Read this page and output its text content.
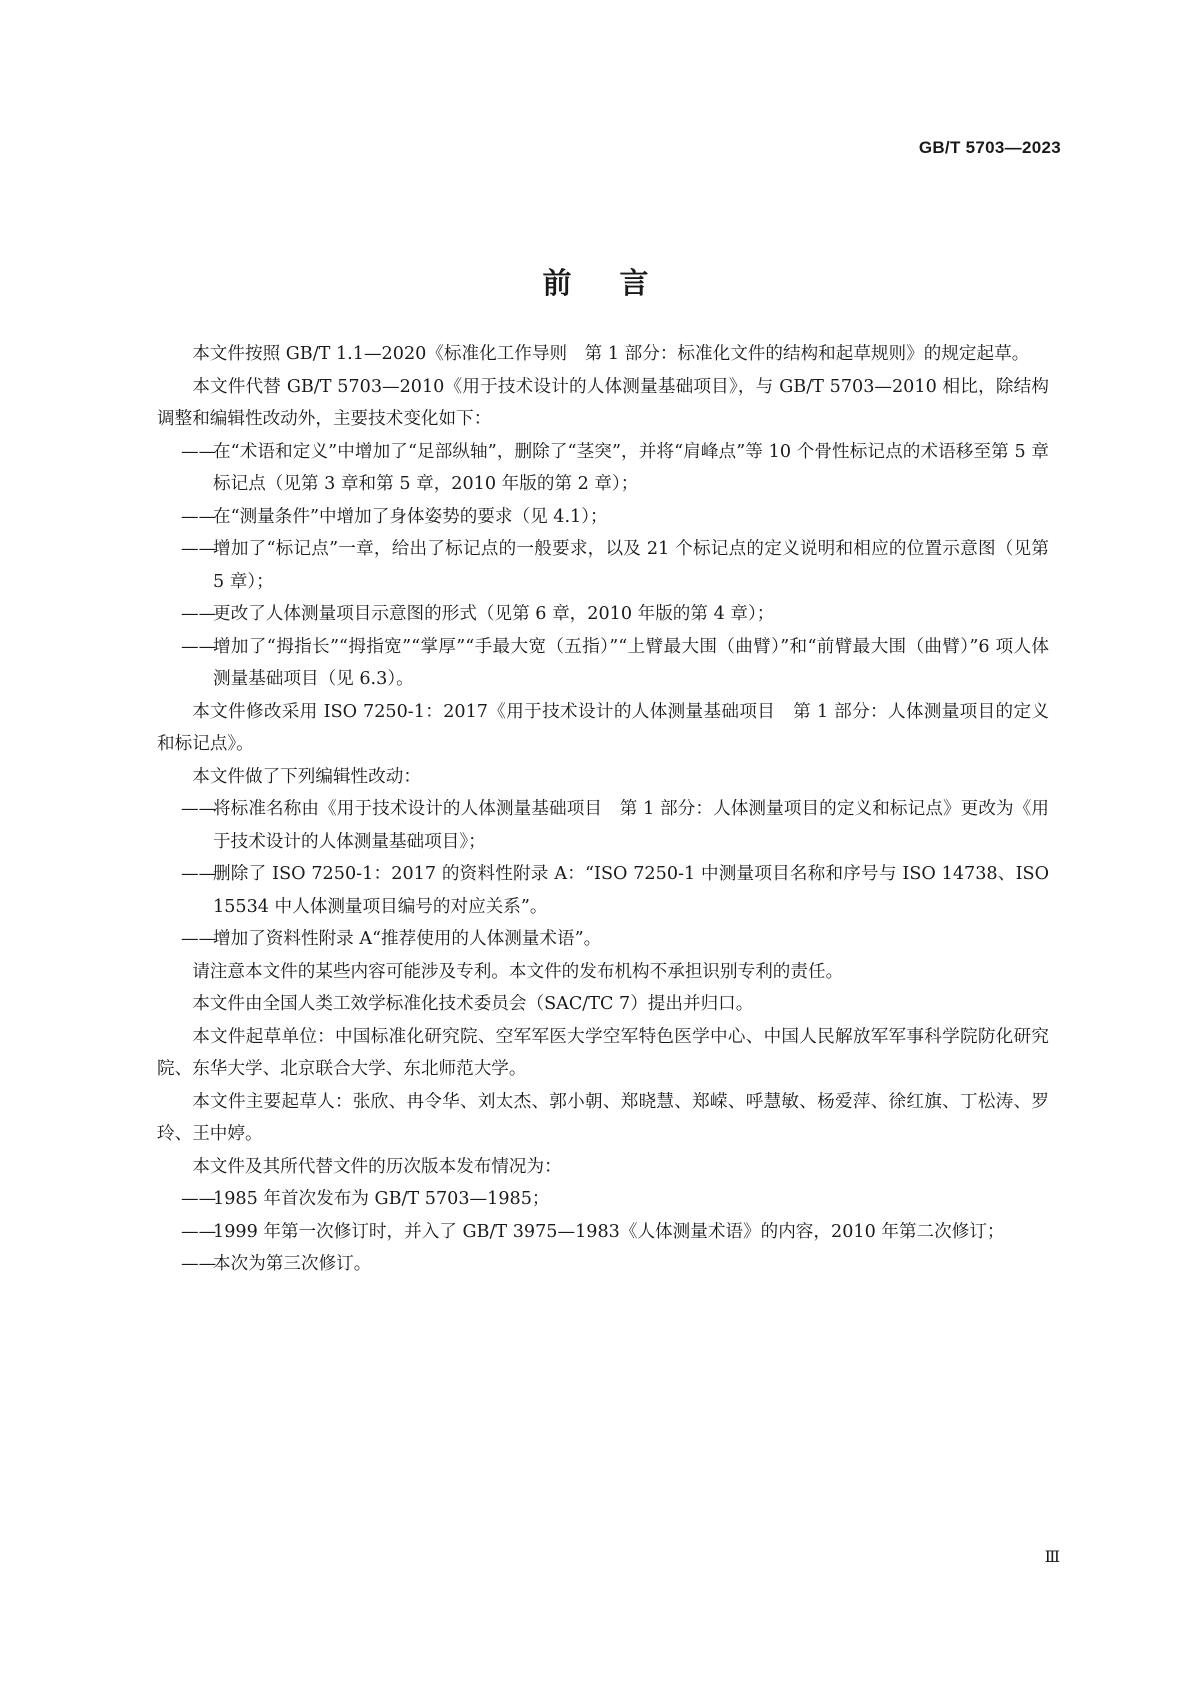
GB/T 5703—2023
前言

本文件按照 GB/T 1.1—2020《标准化工作导则　第 1 部分：标准化文件的结构和起草规则》的规定起草。

本文件代替 GB/T 5703—2010《用于技术设计的人体测量基础项目》，与 GB/T 5703—2010 相比，除结构调整和编辑性改动外，主要技术变化如下：

——
在“术语和定义”中增加了“足部纵轴”，删除了“茎突”，并将“肩峰点”等 10 个骨性标记点的术语移至第 5 章标记点（见第 3 章和第 5 章，2010 年版的第 2 章）；

——
在“测量条件”中增加了身体姿势的要求（见 4.1）；

——
增加了“标记点”一章，给出了标记点的一般要求，以及 21 个标记点的定义说明和相应的位置示意图（见第 5 章）；

——
更改了人体测量项目示意图的形式（见第 6 章，2010 年版的第 4 章）；

——
增加了“拇指长”“拇指宽”“掌厚”“手最大宽（五指）”“上臂最大围（曲臂）”和“前臂最大围（曲臂）”6 项人体测量基础项目（见 6.3）。

本文件修改采用 ISO 7250-1：2017《用于技术设计的人体测量基础项目　第 1 部分：人体测量项目的定义和标记点》。

本文件做了下列编辑性改动：

——
将标准名称由《用于技术设计的人体测量基础项目　第 1 部分：人体测量项目的定义和标记点》更改为《用于技术设计的人体测量基础项目》；

——
删除了 ISO 7250-1：2017 的资料性附录 A：“ISO 7250-1 中测量项目名称和序号与 ISO 14738、ISO 15534 中人体测量项目编号的对应关系”。

——
增加了资料性附录 A“推荐使用的人体测量术语”。

请注意本文件的某些内容可能涉及专利。本文件的发布机构不承担识别专利的责任。

本文件由全国人类工效学标准化技术委员会（SAC/TC 7）提出并归口。

本文件起草单位：中国标准化研究院、空军军医大学空军特色医学中心、中国人民解放军军事科学院防化研究院、东华大学、北京联合大学、东北师范大学。

本文件主要起草人：张欣、冉令华、刘太杰、郭小朝、郑晓慧、郑嵘、呼慧敏、杨爱萍、徐红旗、丁松涛、罗玲、王中婷。

本文件及其所代替文件的历次版本发布情况为：

——
1985 年首次发布为 GB/T 5703—1985；

——
1999 年第一次修订时，并入了 GB/T 3975—1983《人体测量术语》的内容，2010 年第二次修订；

——
本次为第三次修订。

Ⅲ
